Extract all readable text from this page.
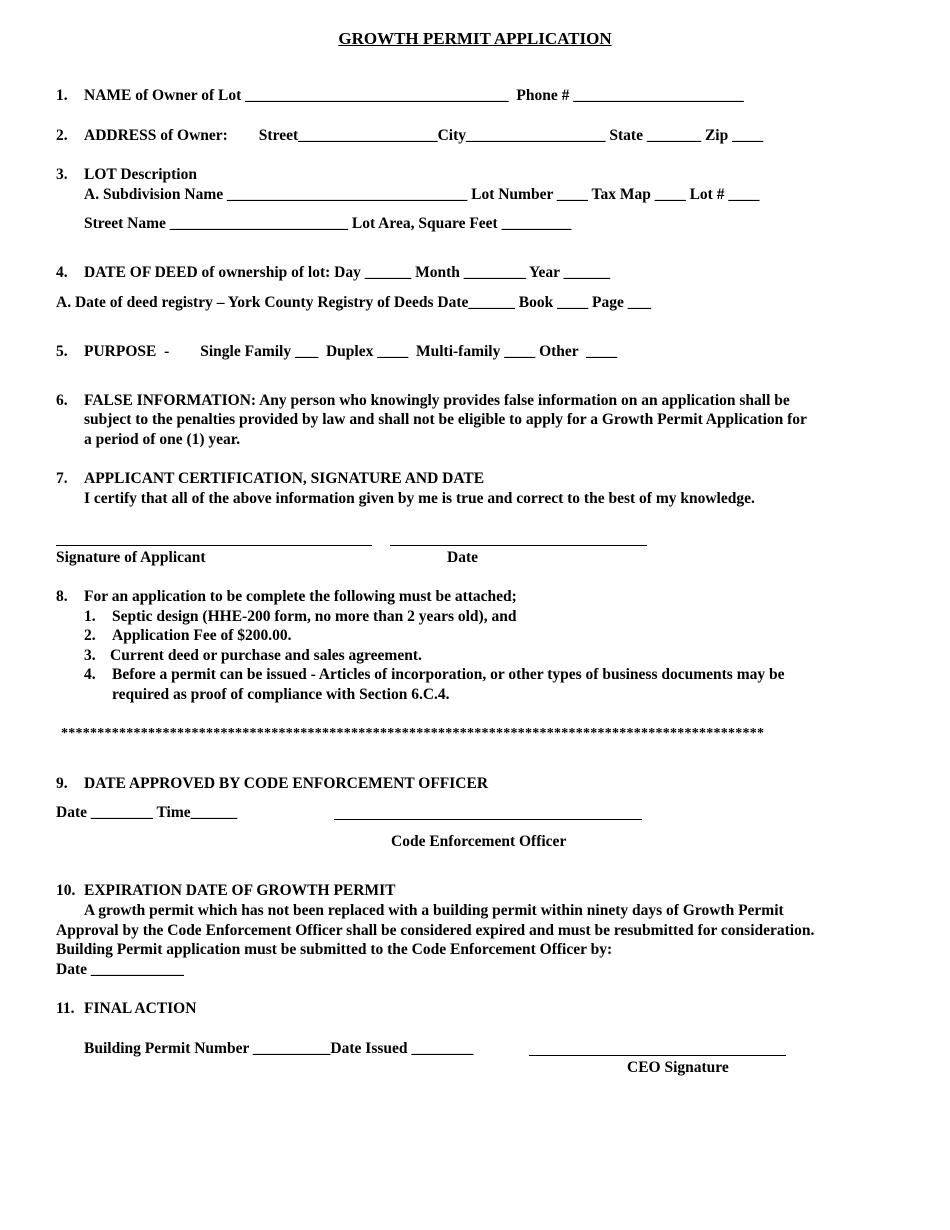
GROWTH PERMIT APPLICATION
1. NAME of Owner of Lot __________________________________  Phone # ______________________
2. ADDRESS of Owner:        Street__________________City__________________ State _______ Zip ____
3. LOT Description
A. Subdivision Name _______________________________ Lot Number ____ Tax Map ____ Lot # ____
Street Name _______________________ Lot Area, Square Feet _________
4. DATE OF DEED of ownership of lot: Day ______ Month ________ Year ______
A. Date of deed registry – York County Registry of Deeds Date______ Book ____ Page ___
5. PURPOSE  -        Single Family ___  Duplex ____  Multi-family ____ Other  ____
6. FALSE INFORMATION: Any person who knowingly provides false information on an application shall be
subject to the penalties provided by law and shall not be eligible to apply for a Growth Permit Application for
a period of one (1) year.
7. APPLICANT CERTIFICATION, SIGNATURE AND DATE
I certify that all of the above information given by me is true and correct to the best of my knowledge.
Signature of Applicant	Date
8. For an application to be complete the following must be attached;
1. Septic design (HHE-200 form, no more than 2 years old), and
2. Application Fee of $200.00.
3. Current deed or purchase and sales agreement.
4. Before a permit can be issued - Articles of incorporation, or other types of business documents may be
required as proof of compliance with Section 6.C.4.
*************************************************************************************************
9. DATE APPROVED BY CODE ENFORCEMENT OFFICER
Date ________ Time______
Code Enforcement Officer
10. EXPIRATION DATE OF GROWTH PERMIT
A growth permit which has not been replaced with a building permit within ninety days of Growth Permit
Approval by the Code Enforcement Officer shall be considered expired and must be resubmitted for consideration.
Building Permit application must be submitted to the Code Enforcement Officer by:
Date ____________
11. FINAL ACTION
Building Permit Number __________Date Issued ________
CEO Signature
